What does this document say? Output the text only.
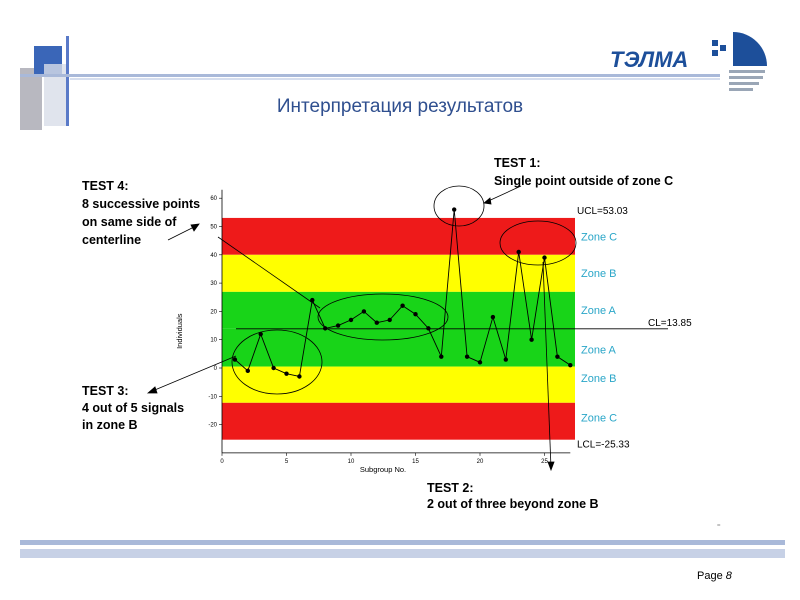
ТЭЛМА
Интерпретация результатов
-20
-10
0
10
20
30
40
50
60
0	5	10	15	20	25
Subgroup No.
Individuals
UCL=53.03
CL=13.85
LCL=-25.33
Zone C
Zone B
Zone A
Zone A
Zone B
Zone C
TEST 1: Single point outside of zone C
TEST 2: 2 out of three beyond zone B
TEST 3: 4 out of 5 signals in zone B
TEST 4: 8 successive points on same side of centerline
=
Page 8
